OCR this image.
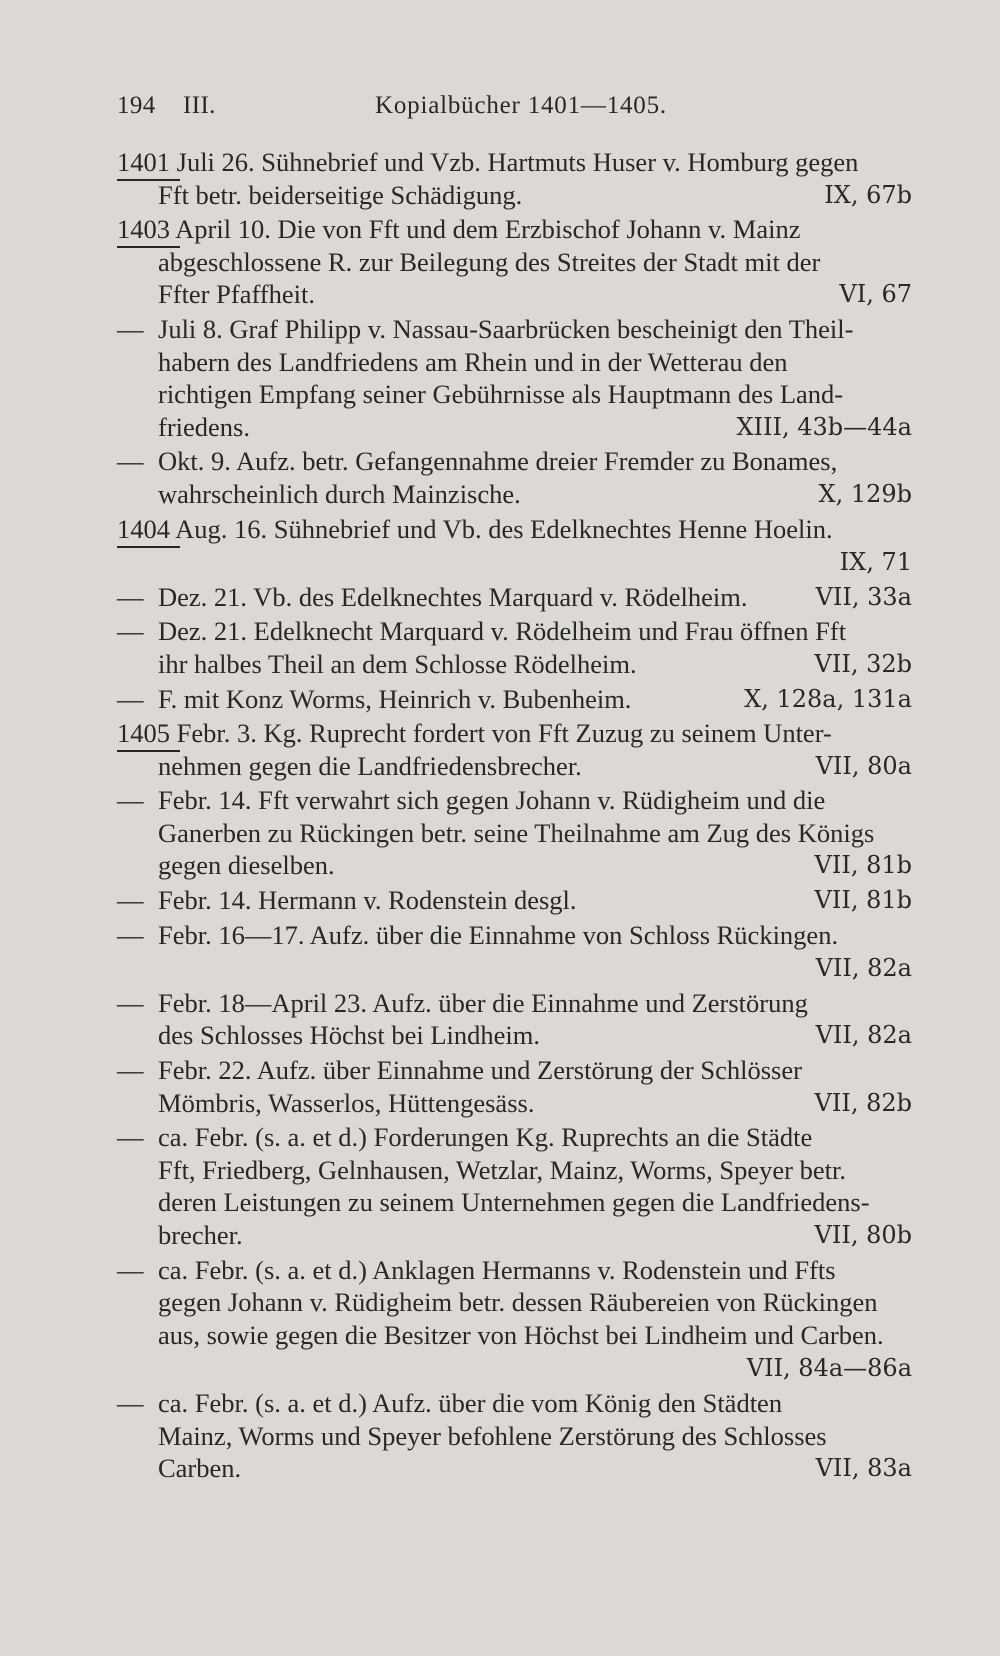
194 III.	Kopialbücher 1401—1405.
1401 Juli 26. Sühnebrief und Vzb. Hartmuts Huser v. Homburg gegen
Fft betr. beiderseitige Schädigung.	IX, 67b
1403 April 10. Die von Fft und dem Erzbischof Johann v. Mainz
abgeschlossene R. zur Beilegung des Streites der Stadt mit der
Ffter Pfaffheit.	VI, 67
— Juli 8. Graf Philipp v. Nassau-Saarbrücken bescheinigt den Theil-
habern des Landfriedens am Rhein und in der Wetterau den
richtigen Empfang seiner Gebührnisse als Hauptmann des Land-
friedens.	XIII, 43b—44a
— Okt. 9. Aufz. betr. Gefangennahme dreier Fremder zu Bonames,
wahrscheinlich durch Mainzische.	X, 129b
1404 Aug. 16. Sühnebrief und Vb. des Edelknechtes Henne Hoelin.
IX, 71
— Dez. 21. Vb. des Edelknechtes Marquard v. Rödelheim.	VII, 33a
— Dez. 21. Edelknecht Marquard v. Rödelheim und Frau öffnen Fft
ihr halbes Theil an dem Schlosse Rödelheim.	VII, 32b
— F. mit Konz Worms, Heinrich v. Bubenheim.	X, 128a, 131a
1405 Febr. 3. Kg. Ruprecht fordert von Fft Zuzug zu seinem Unter-
nehmen gegen die Landfriedensbrecher.	VII, 80a
— Febr. 14. Fft verwahrt sich gegen Johann v. Rüdigheim und die
Ganerben zu Rückingen betr. seine Theilnahme am Zug des Königs
gegen dieselben.	VII, 81b
— Febr. 14. Hermann v. Rodenstein desgl.	VII, 81b
— Febr. 16—17. Aufz. über die Einnahme von Schloss Rückingen.
VII, 82a
— Febr. 18—April 23. Aufz. über die Einnahme und Zerstörung
des Schlosses Höchst bei Lindheim.	VII, 82a
— Febr. 22. Aufz. über Einnahme und Zerstörung der Schlösser
Mömbris, Wasserlos, Hüttengesäss.	VII, 82b
— ca. Febr. (s. a. et d.) Forderungen Kg. Ruprechts an die Städte
Fft, Friedberg, Gelnhausen, Wetzlar, Mainz, Worms, Speyer betr.
deren Leistungen zu seinem Unternehmen gegen die Landfriedens-
brecher.	VII, 80b
— ca. Febr. (s. a. et d.) Anklagen Hermanns v. Rodenstein und Ffts
gegen Johann v. Rüdigheim betr. dessen Räubereien von Rückingen
aus, sowie gegen die Besitzer von Höchst bei Lindheim und Carben.
VII, 84a—86a
— ca. Febr. (s. a. et d.) Aufz. über die vom König den Städten
Mainz, Worms und Speyer befohlene Zerstörung des Schlosses
Carben.	VII, 83a
